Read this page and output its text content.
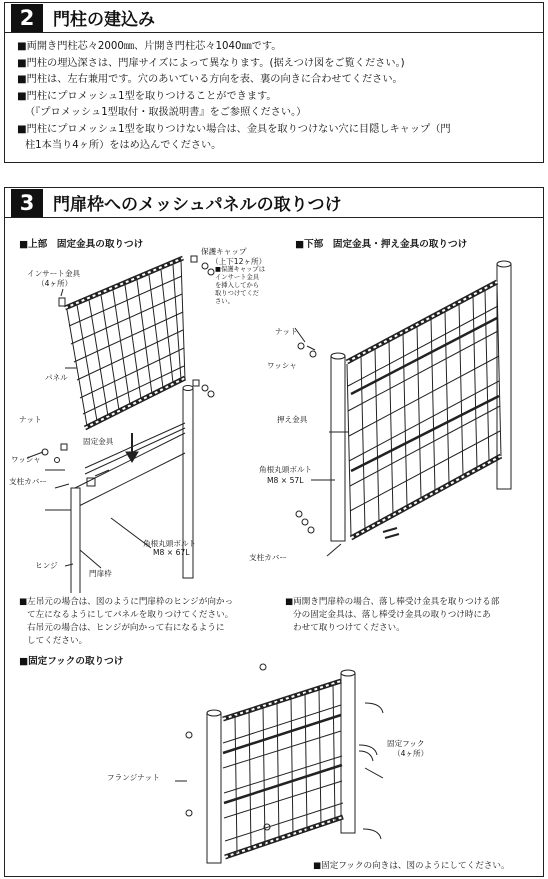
2	門柱の建込み
■両開き門柱芯々2000㎜、片開き門柱芯々1040㎜です。
■門柱の埋込深さは、門扉サイズによって異なります。(据えつけ図をご覧ください。)
■門柱は、左右兼用です。穴のあいている方向を表、裏の向きに合わせてください。
■門柱にプロメッシュ1型を取りつけることができます。
（『プロメッシュ1型取付・取扱説明書』をご参照ください。）
■門柱にプロメッシュ1型を取りつけない場合は、金具を取りつけない穴に目隠しキャップ（門
柱1本当り4ヶ所）をはめ込んでください。
3	門扉枠へのメッシュパネルの取りつけ
■上部　固定金具の取りつけ	■下部　固定金具・押え金具の取りつけ
保護キャップ
（上下12ヶ所）
■保護キャップは
インサート金具
を挿入してから
取りつけてくだ
さい。
インサート金具
（4ヶ所）
パネル
ナット
ワッシャ
支柱カバー
固定金具
角根丸頭ボルト
M8 × 67L
ヒンジ
門扉枠
ナット
ワッシャ
押え金具
角根丸頭ボルト
M8 × 57L
支柱カバー
■左吊元の場合は、図のように門扉枠のヒンジが向かっ
て左になるようにしてパネルを取りつけてください。
右吊元の場合は、ヒンジが向かって右になるように
してください。
■両開き門扉枠の場合、落し棒受け金具を取りつける部
分の固定金具は、落し棒受け金具の取りつけ時にあ
わせて取りつけてください。
■固定フックの取りつけ
フランジナット
固定フック
（4ヶ所）
■固定フックの向きは、図のようにしてください。
